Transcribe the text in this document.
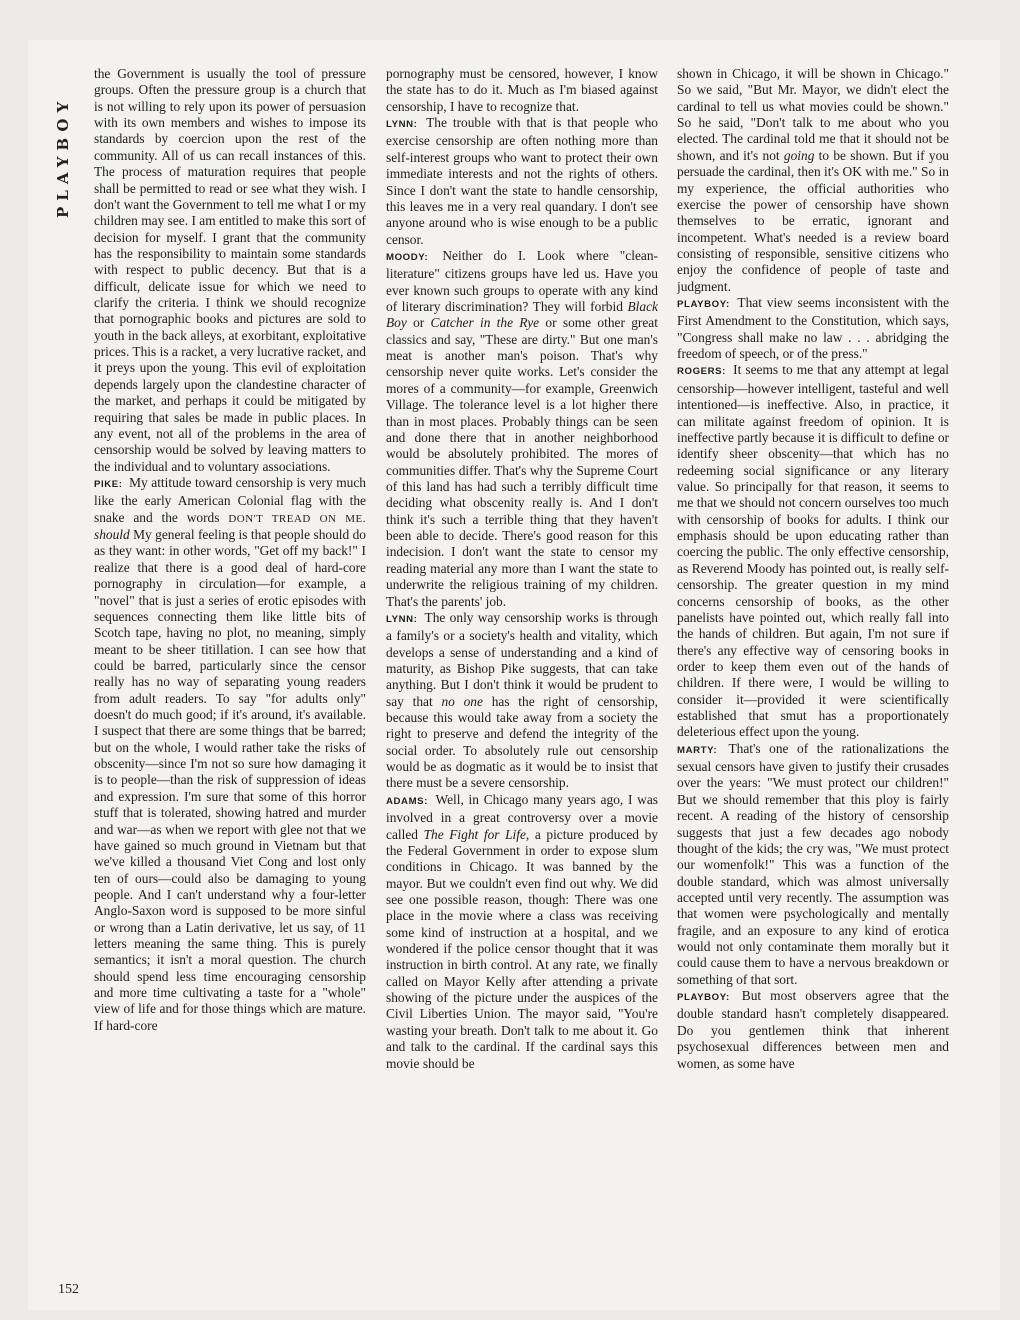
PLAYBOY

the Government is usually the tool of pressure groups. Often the pressure group is a church that is not willing to rely upon its power of persuasion with its own members and wishes to impose its standards by coercion upon the rest of the community. All of us can recall instances of this. The process of maturation requires that people shall be permitted to read or see what they wish. I don't want the Government to tell me what I or my children may see. I am entitled to make this sort of decision for myself. I grant that the community has the responsibility to maintain some standards with respect to public decency. But that is a difficult, delicate issue for which we need to clarify the criteria. I think we should recognize that pornographic books and pictures are sold to youth in the back alleys, at exorbitant, exploitative prices. This is a racket, a very lucrative racket, and it preys upon the young. This evil of exploitation depends largely upon the clandestine character of the market, and perhaps it could be mitigated by requiring that sales be made in public places. In any event, not all of the problems in the area of censorship would be solved by leaving matters to the individual and to voluntary associations.

PIKE: My attitude toward censorship is very much like the early American Colonial flag with the snake and the words DON'T TREAD ON ME. should My general feeling is that people should do as they want: in other words, "Get off my back!" I realize that there is a good deal of hard-core pornography in circulation—for example, a "novel" that is just a series of erotic episodes with sequences connecting them like little bits of Scotch tape, having no plot, no meaning, simply meant to be sheer titillation. I can see how that could be barred, particularly since the censor really has no way of separating young readers from adult readers. To say "for adults only" doesn't do much good; if it's around, it's available. I suspect that there are some things that be barred; but on the whole, I would rather take the risks of obscenity—since I'm not so sure how damaging it is to people—than the risk of suppression of ideas and expression. I'm sure that some of this horror stuff that is tolerated, showing hatred and murder and war—as when we report with glee not that we have gained so much ground in Vietnam but that we've killed a thousand Viet Cong and lost only ten of ours—could also be damaging to young people. And I can't understand why a four-letter Anglo-Saxon word is supposed to be more sinful or wrong than a Latin derivative, let us say, of 11 letters meaning the same thing. This is purely semantics; it isn't a moral question. The church should spend less time encouraging censorship and more time cultivating a taste for a "whole" view of life and for those things which are mature. If hard-core

pornography must be censored, however, I know the state has to do it. Much as I'm biased against censorship, I have to recognize that.

LYNN: The trouble with that is that people who exercise censorship are often nothing more than self-interest groups who want to protect their own immediate interests and not the rights of others. Since I don't want the state to handle censorship, this leaves me in a very real quandary. I don't see anyone around who is wise enough to be a public censor.

MOODY: Neither do I. Look where "clean-literature" citizens groups have led us. Have you ever known such groups to operate with any kind of literary discrimination? They will forbid Black Boy or Catcher in the Rye or some other great classics and say, "These are dirty." But one man's meat is another man's poison. That's why censorship never quite works. Let's consider the mores of a community—for example, Greenwich Village. The tolerance level is a lot higher there than in most places. Probably things can be seen and done there that in another neighborhood would be absolutely prohibited. The mores of communities differ. That's why the Supreme Court of this land has had such a terribly difficult time deciding what obscenity really is. And I don't think it's such a terrible thing that they haven't been able to decide. There's good reason for this indecision. I don't want the state to censor my reading material any more than I want the state to underwrite the religious training of my children. That's the parents' job.

LYNN: The only way censorship works is through a family's or a society's health and vitality, which develops a sense of understanding and a kind of maturity, as Bishop Pike suggests, that can take anything. But I don't think it would be prudent to say that no one has the right of censorship, because this would take away from a society the right to preserve and defend the integrity of the social order. To absolutely rule out censorship would be as dogmatic as it would be to insist that there must be a severe censorship.

ADAMS: Well, in Chicago many years ago, I was involved in a great controversy over a movie called The Fight for Life, a picture produced by the Federal Government in order to expose slum conditions in Chicago. It was banned by the mayor. But we couldn't even find out why. We did see one possible reason, though: There was one place in the movie where a class was receiving some kind of instruction at a hospital, and we wondered if the police censor thought that it was instruction in birth control. At any rate, we finally called on Mayor Kelly after attending a private showing of the picture under the auspices of the Civil Liberties Union. The mayor said, "You're wasting your breath. Don't talk to me about it. Go and talk to the cardinal. If the cardinal says this movie should be

shown in Chicago, it will be shown in Chicago." So we said, "But Mr. Mayor, we didn't elect the cardinal to tell us what movies could be shown." So he said, "Don't talk to me about who you elected. The cardinal told me that it should not be shown, and it's not going to be shown. But if you persuade the cardinal, then it's OK with me." So in my experience, the official authorities who exercise the power of censorship have shown themselves to be erratic, ignorant and incompetent. What's needed is a review board consisting of responsible, sensitive citizens who enjoy the confidence of people of taste and judgment.

PLAYBOY: That view seems inconsistent with the First Amendment to the Constitution, which says, "Congress shall make no law . . . abridging the freedom of speech, or of the press."

ROGERS: It seems to me that any attempt at legal censorship—however intelligent, tasteful and well intentioned—is ineffective. Also, in practice, it can militate against freedom of opinion. It is ineffective partly because it is difficult to define or identify sheer obscenity—that which has no redeeming social significance or any literary value. So principally for that reason, it seems to me that we should not concern ourselves too much with censorship of books for adults. I think our emphasis should be upon educating rather than coercing the public. The only effective censorship, as Reverend Moody has pointed out, is really self-censorship. The greater question in my mind concerns censorship of books, as the other panelists have pointed out, which really fall into the hands of children. But again, I'm not sure if there's any effective way of censoring books in order to keep them even out of the hands of children. If there were, I would be willing to consider it—provided it were scientifically established that smut has a proportionately deleterious effect upon the young.

MARTY: That's one of the rationalizations the sexual censors have given to justify their crusades over the years: "We must protect our children!" But we should remember that this ploy is fairly recent. A reading of the history of censorship suggests that just a few decades ago nobody thought of the kids; the cry was, "We must protect our womenfolk!" This was a function of the double standard, which was almost universally accepted until very recently. The assumption was that women were psychologically and mentally fragile, and an exposure to any kind of erotica would not only contaminate them morally but it could cause them to have a nervous breakdown or something of that sort.

PLAYBOY: But most observers agree that the double standard hasn't completely disappeared. Do you gentlemen think that inherent psychosexual differences between men and women, as some have

152
